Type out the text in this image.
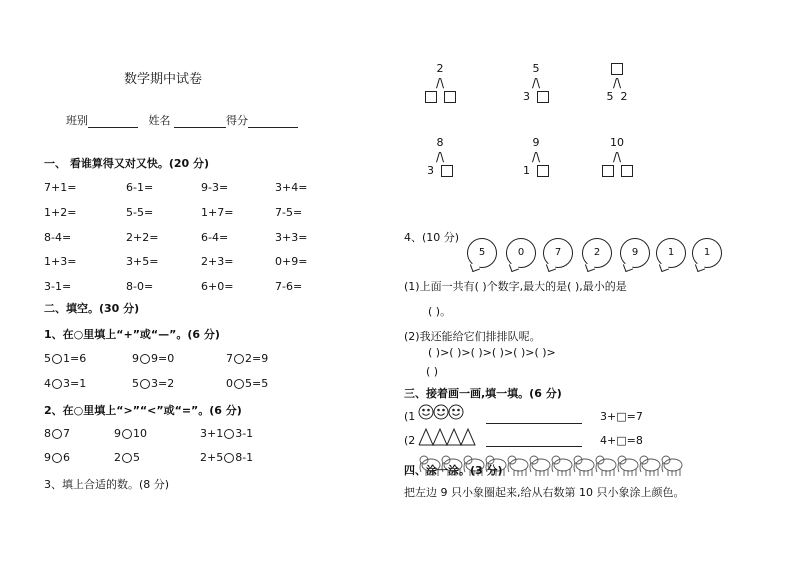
数学期中试卷
班别	姓名	得分
一、 看谁算得又对又快。(20 分)
7+1=	6-1=	9-3=	3+4=
1+2=	5-5=	1+7=	7-5=
8-4=	2+2=	6-4=	3+3=
1+3=	3+5=	2+3=	0+9=
3-1=	8-0=	6+0=	7-6=
二、填空。(30 分)
1、在○里填上“+”或“—”。(6 分)
5 1=6	9 9=0	7 2=9
4 3=1	5 3=2	0 5=5
2、在○里填上“>”“<”或“=”。(6 分)
8 7	9 10	3+1 3-1
9 6	2 5	2+5 8-1
3、填上合适的数。(8 分)
2
/\

5
/\
3
/\
5 2
8
/\
3
9
/\
1
10
/\

4、(10 分)
5	0	7	2	9	1	1
(1)上面一共有( )个数字,最大的是( ),最小的是
( )。
(2)我还能给它们排排队呢。
( )>( )>( )>( )>( )>( )>
( )
三、接着画一画,填一填。(6 分)
(1	3+□=7
(2	4+□=8
四、涂一涂。(3 分)
把左边 9 只小象圈起来,给从右数第 10 只小象涂上颜色。
